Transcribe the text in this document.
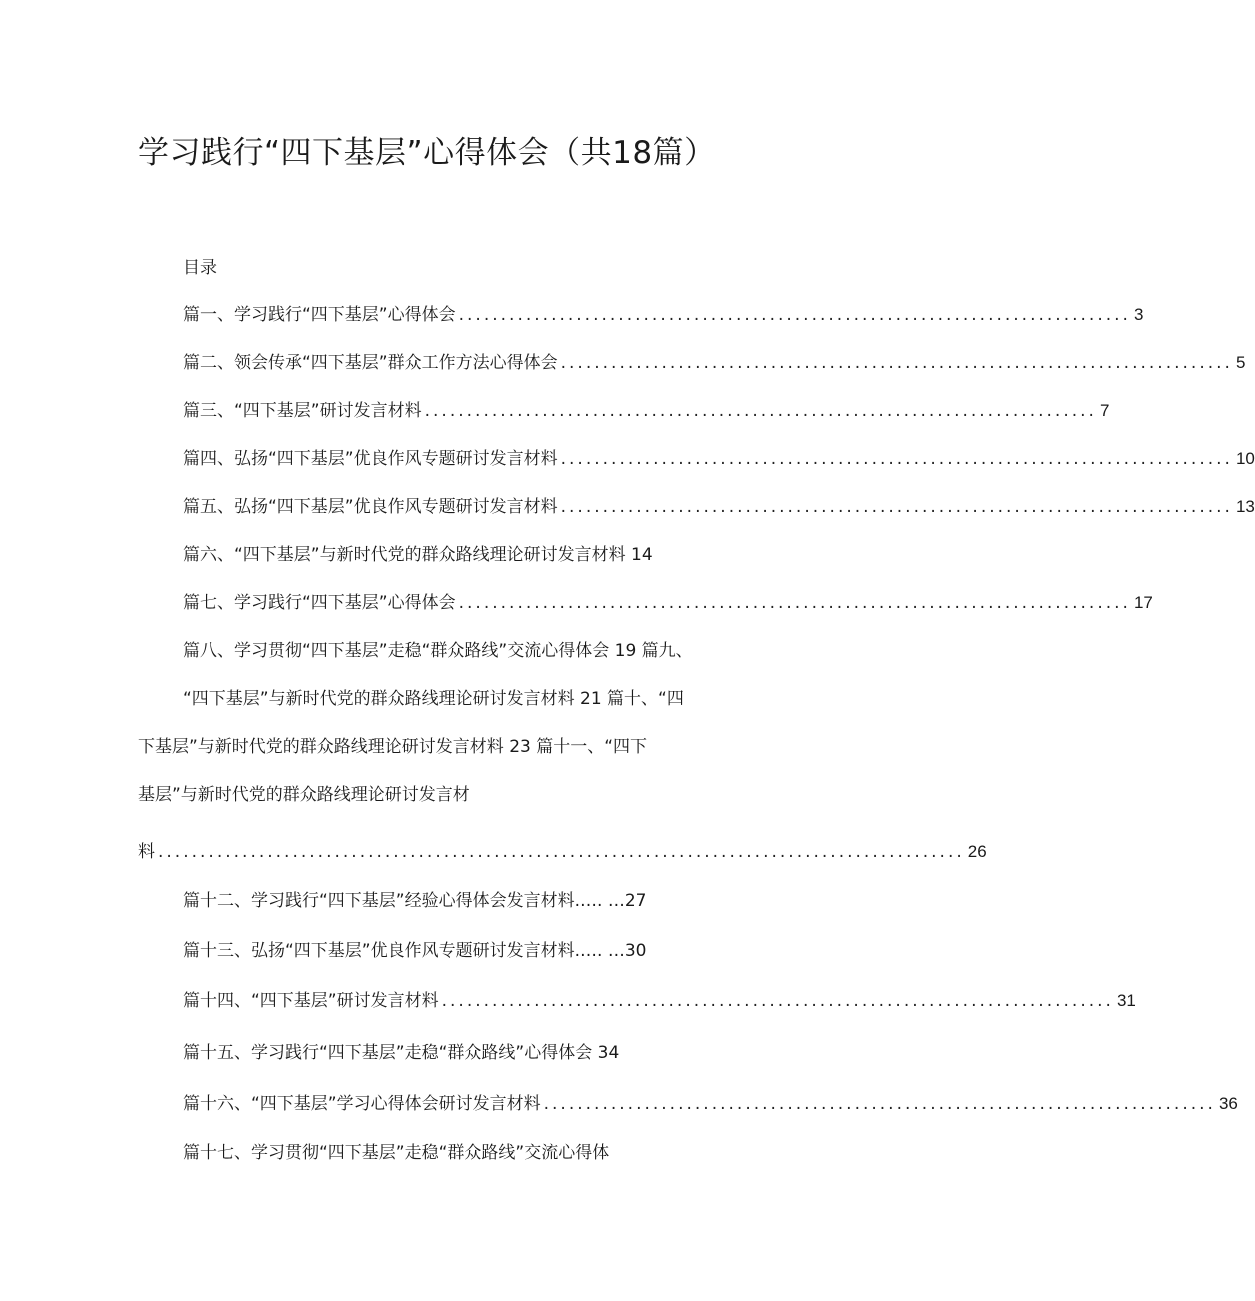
学习践行“四下基层”心得体会（共18篇）
目录
篇一、学习践行“四下基层”心得体会 ................................................................................ 3
篇二、领会传承“四下基层”群众工作方法心得体会 ................................................................................ 5
篇三、“四下基层”研讨发言材料 ................................................................................ 7
篇四、弘扬“四下基层”优良作风专题研讨发言材料 ................................................................................ 10
篇五、弘扬“四下基层”优良作风专题研讨发言材料 ................................................................................ 13
篇六、“四下基层”与新时代党的群众路线理论研讨发言材料 14
篇七、学习践行“四下基层”心得体会 ................................................................................ 17
篇八、学习贯彻“四下基层”走稳“群众路线”交流心得体会 19 篇九、
“四下基层”与新时代党的群众路线理论研讨发言材料 21 篇十、“四
下基层”与新时代党的群众路线理论研讨发言材料 23 篇十一、“四下
基层”与新时代党的群众路线理论研讨发言材
料 ................................................................................................ 26
篇十二、学习践行“四下基层”经验心得体会发言材料.…. …27
篇十三、弘扬“四下基层”优良作风专题研讨发言材料.…. …30
篇十四、“四下基层”研讨发言材料 ................................................................................ 31
篇十五、学习践行“四下基层”走稳“群众路线”心得体会 34
篇十六、“四下基层”学习心得体会研讨发言材料 ................................................................................ 36
篇十七、学习贯彻“四下基层”走稳“群众路线”交流心得体
